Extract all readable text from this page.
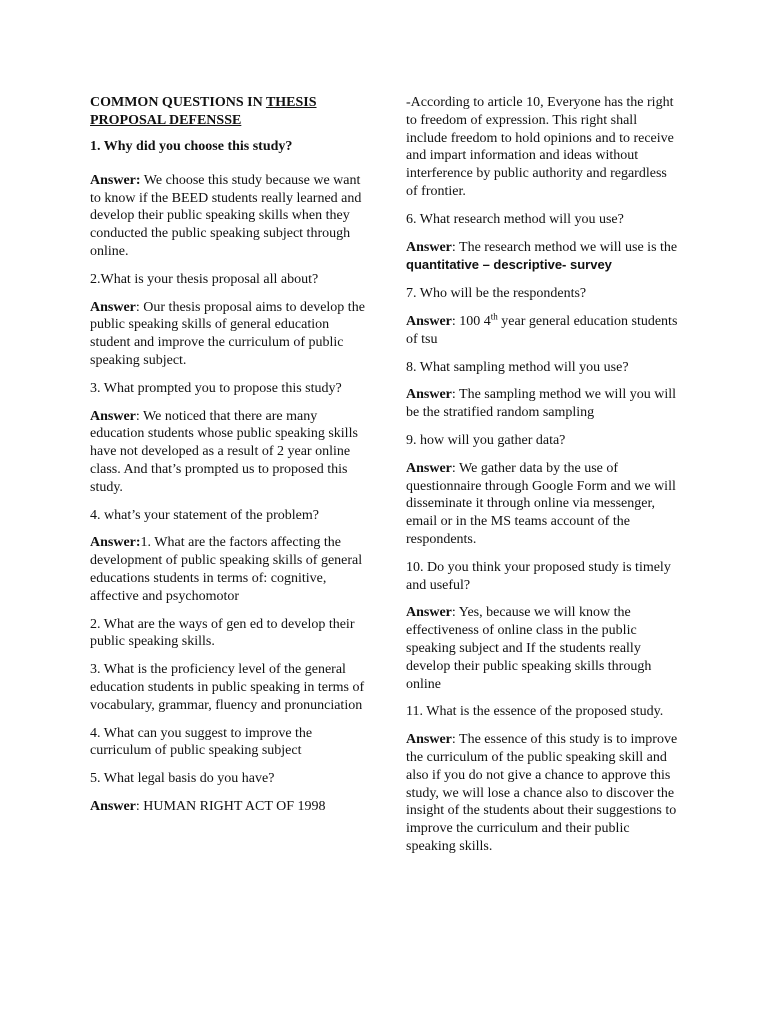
COMMON QUESTIONS IN THESIS PROPOSAL DEFENSSE

1. Why did you choose this study?

Answer: We choose this study because we want to know if the BEED students really learned and develop their public speaking skills when they conducted the public speaking subject through online.

2.What is your thesis proposal all about?

Answer: Our thesis proposal aims to develop the public speaking skills of general education student and improve the curriculum of public speaking subject.

3. What prompted you to propose this study?

Answer: We noticed that there are many education students whose public speaking skills have not developed as a result of 2 year online class. And that’s prompted us to proposed this study.

4. what’s your statement of the problem?

Answer:1. What are the factors affecting the development of public speaking skills of general educations students in terms of: cognitive, affective and psychomotor

2. What are the ways of gen ed to develop their public speaking skills.

3. What is the proficiency level of the general education students in public speaking in terms of vocabulary, grammar, fluency and pronunciation

4. What can you suggest to improve the curriculum of public speaking subject

5. What legal basis do you have?

Answer: HUMAN RIGHT ACT OF 1998

-According to article 10, Everyone has the right to freedom of expression. This right shall include freedom to hold opinions and to receive and impart information and ideas without interference by public authority and regardless of frontier.

6. What research method will you use?

Answer: The research method we will use is the quantitative – descriptive- survey

7. Who will be the respondents?

Answer: 100 4th year general education students of tsu

8. What sampling method will you use?

Answer: The sampling method we will you will be the stratified random sampling

9. how will you gather data?

Answer: We gather data by the use of questionnaire through Google Form and we will disseminate it through online via messenger, email or in the MS teams account of the respondents.

10. Do you think your proposed study is timely and useful?

Answer: Yes, because we will know the effectiveness of online class in the public speaking subject and If the students really develop their public speaking skills through online

11. What is the essence of the proposed study.

Answer: The essence of this study is to improve the curriculum of the public speaking skill and also if you do not give a chance to approve this study, we will lose a chance also to discover the insight of the students about their suggestions to improve the curriculum and their public speaking skills.
